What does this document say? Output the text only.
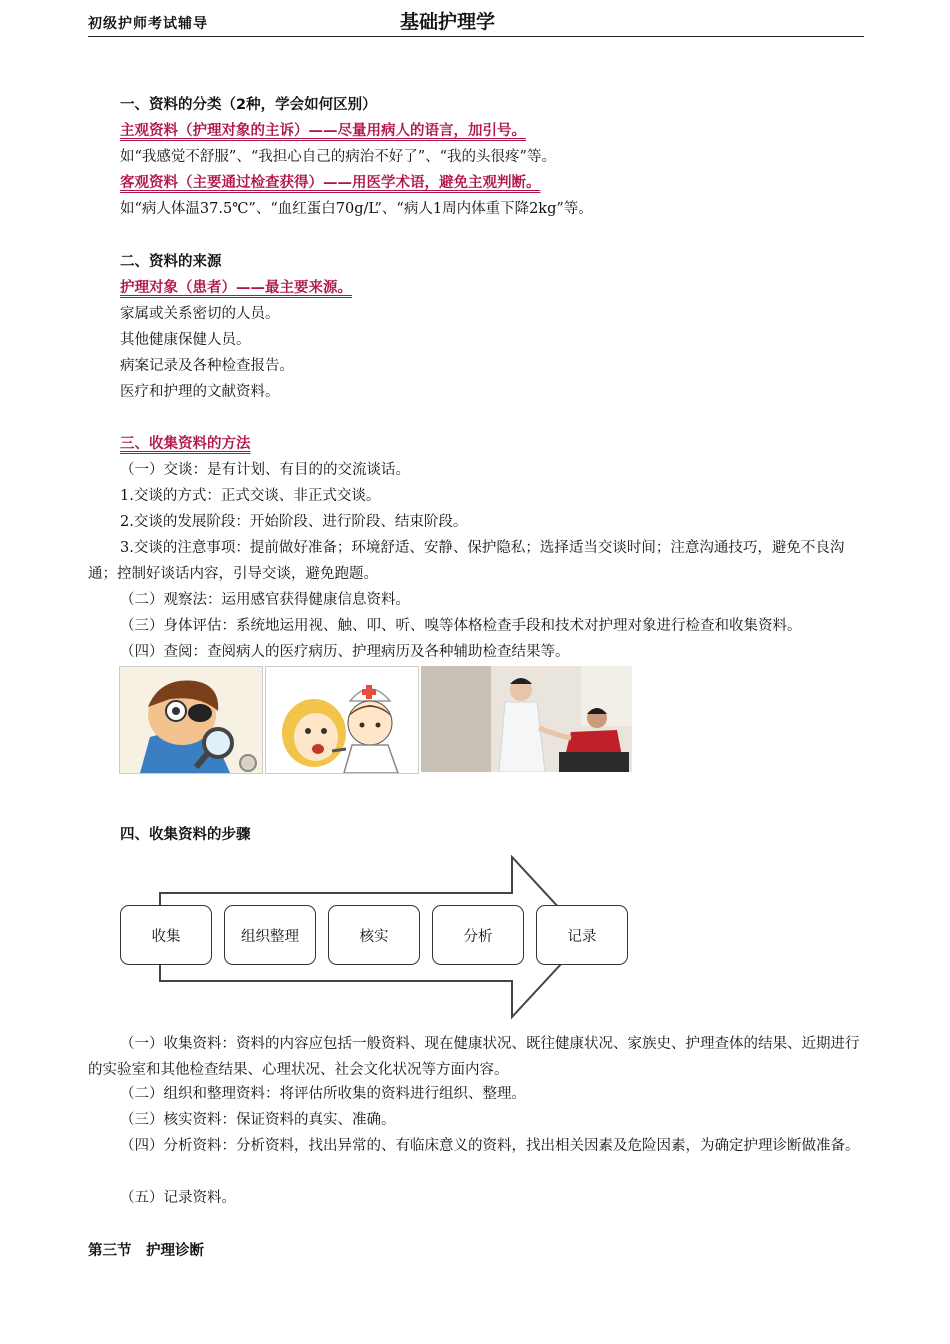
初级护师考试辅导	基础护理学
一、资料的分类（2种，学会如何区别）
主观资料（护理对象的主诉）——尽量用病人的语言，加引号。
如“我感觉不舒服”、“我担心自己的病治不好了”、“我的头很疼”等。
客观资料（主要通过检查获得）——用医学术语，避免主观判断。
如“病人体温37.5℃”、“血红蛋白70g/L”、“病人1周内体重下降2kg”等。
二、资料的来源
护理对象（患者）——最主要来源。
家属或关系密切的人员。
其他健康保健人员。
病案记录及各种检查报告。
医疗和护理的文献资料。
三、收集资料的方法
（一）交谈：是有计划、有目的的交流谈话。
1.交谈的方式：正式交谈、非正式交谈。
2.交谈的发展阶段：开始阶段、进行阶段、结束阶段。
3.交谈的注意事项：提前做好准备；环境舒适、安静、保护隐私；选择适当交谈时间；注意沟通技巧，避免不良沟通；控制好谈话内容，引导交谈，避免跑题。
（二）观察法：运用感官获得健康信息资料。
（三）身体评估：系统地运用视、触、叩、听、嗅等体格检查手段和技术对护理对象进行检查和收集资料。
（四）查阅：查阅病人的医疗病历、护理病历及各种辅助检查结果等。
四、收集资料的步骤
收集	组织整理	核实	分析	记录
（一）收集资料：资料的内容应包括一般资料、现在健康状况、既往健康状况、家族史、护理查体的结果、近期进行的实验室和其他检查结果、心理状况、社会文化状况等方面内容。
（二）组织和整理资料：将评估所收集的资料进行组织、整理。
（三）核实资料：保证资料的真实、准确。
（四）分析资料：分析资料，找出异常的、有临床意义的资料，找出相关因素及危险因素，为确定护理诊断做准备。
（五）记录资料。
第三节　护理诊断
